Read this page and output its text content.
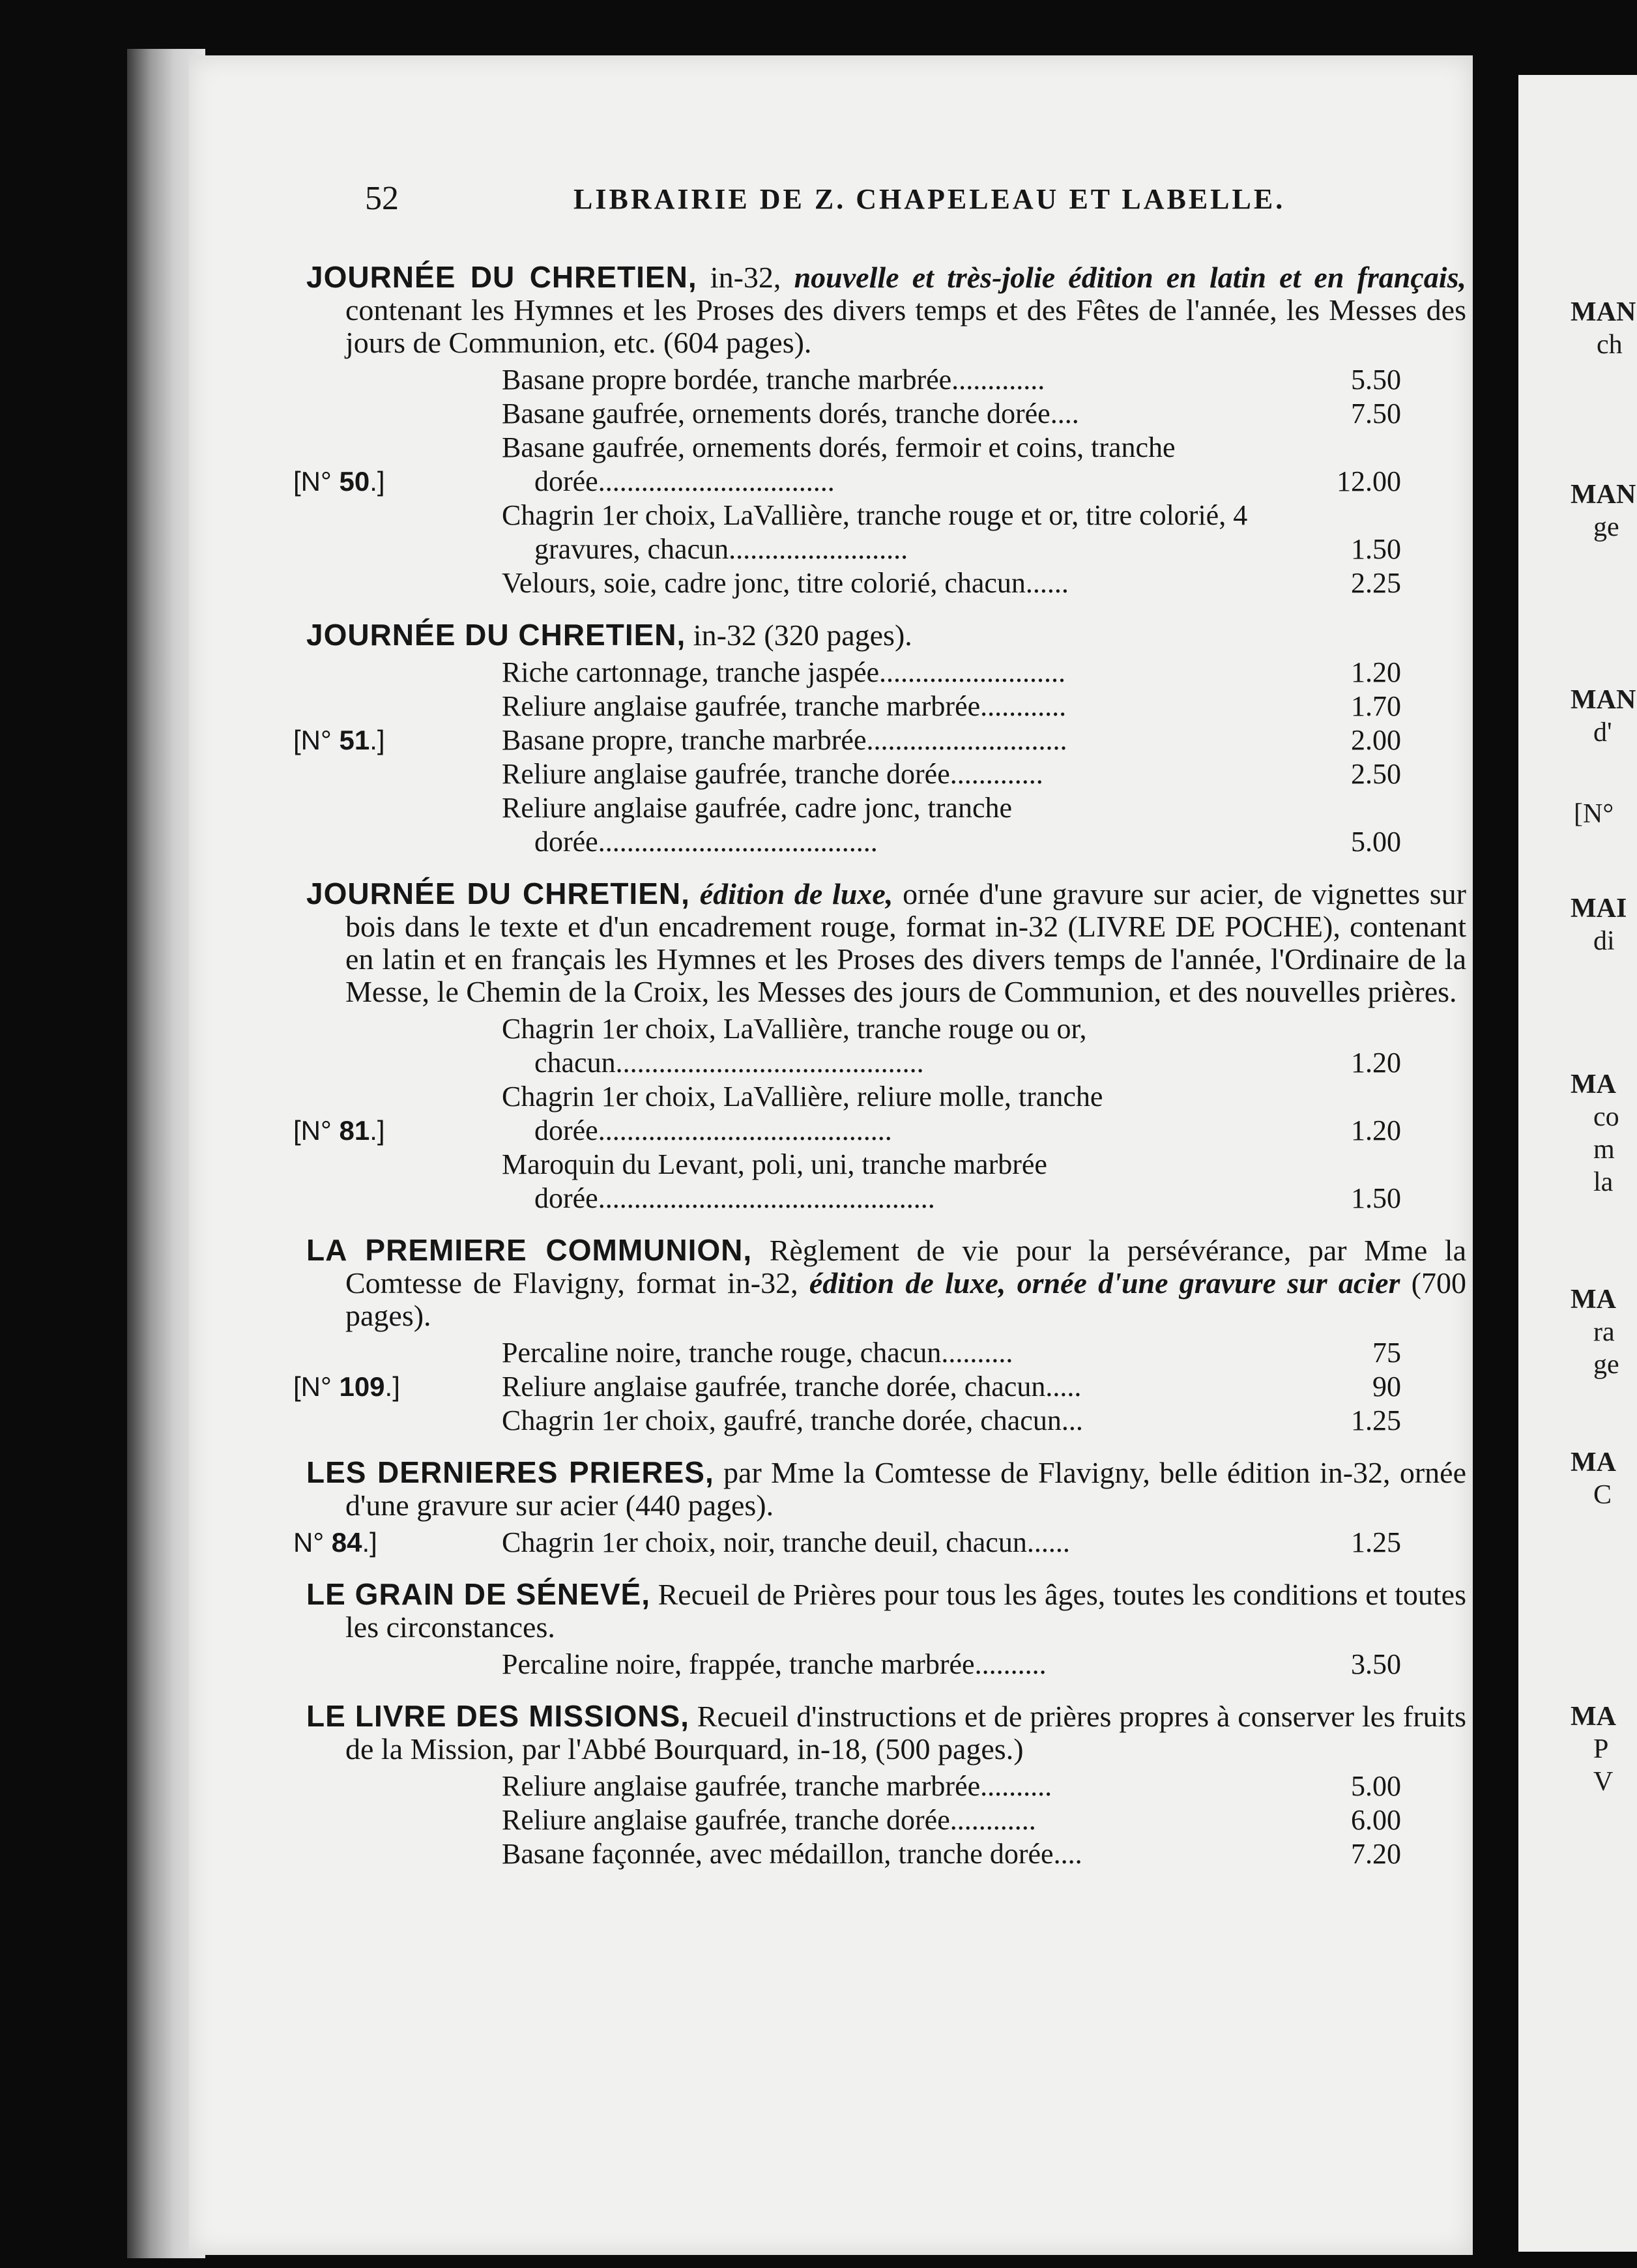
MAN
ch
MAN
ge
MAN
d'
[N°
MAI
di
MA
co
m
la
MA
ra
ge
MA
C
MA
P
V
52	LIBRAIRIE DE Z. CHAPELEAU ET LABELLE.
JOURNÉE DU CHRETIEN, in-32, nouvelle et très-jolie édition en latin et en français, contenant les Hymnes et les Proses des divers temps et des Fêtes de l'année, les Messes des jours de Communion, etc. (604 pages).
Basane propre bordée, tranche marbrée.............	5.50
Basane gaufrée, ornements dorés, tranche dorée....	7.50
[N° 50.]
Basane gaufrée, ornements dorés, fermoir et coins, tranche dorée.................................	12.00
Chagrin 1er choix, LaVallière, tranche rouge et or, titre colorié, 4 gravures, chacun.........................	1.50
Velours, soie, cadre jonc, titre colorié, chacun......	2.25
JOURNÉE DU CHRETIEN, in-32 (320 pages).
Riche cartonnage, tranche jaspée..........................	1.20
Reliure anglaise gaufrée, tranche marbrée............	1.70
[N° 51.]	Basane propre, tranche marbrée............................	2.00
Reliure anglaise gaufrée, tranche dorée.............	2.50
Reliure anglaise gaufrée, cadre jonc, tranche dorée.......................................	5.00
JOURNÉE DU CHRETIEN, édition de luxe, ornée d'une gravure sur acier, de vignettes sur bois dans le texte et d'un encadrement rouge, format in-32 (LIVRE DE POCHE), contenant en latin et en français les Hymnes et les Proses des divers temps de l'année, l'Ordinaire de la Messe, le Chemin de la Croix, les Messes des jours de Communion, et des nouvelles prières.
Chagrin 1er choix, LaVallière, tranche rouge ou or, chacun...........................................	1.20
[N° 81.]
Chagrin 1er choix, LaVallière, reliure molle, tranche dorée.........................................	1.20
Maroquin du Levant, poli, uni, tranche marbrée dorée...............................................	1.50
LA PREMIERE COMMUNION, Règlement de vie pour la persévérance, par Mme la Comtesse de Flavigny, format in-32, édition de luxe, ornée d'une gravure sur acier (700 pages).
Percaline noire, tranche rouge, chacun..........	75
[N° 109.]	Reliure anglaise gaufrée, tranche dorée, chacun.....	90
Chagrin 1er choix, gaufré, tranche dorée, chacun...	1.25
LES DERNIERES PRIERES, par Mme la Comtesse de Flavigny, belle édition in-32, ornée d'une gravure sur acier (440 pages).
N° 84.]	Chagrin 1er choix, noir, tranche deuil, chacun......	1.25
LE GRAIN DE SÉNEVÉ, Recueil de Prières pour tous les âges, toutes les conditions et toutes les circonstances.
Percaline noire, frappée, tranche marbrée..........	3.50
LE LIVRE DES MISSIONS, Recueil d'instructions et de prières propres à conserver les fruits de la Mission, par l'Abbé Bourquard, in-18, (500 pages.)
Reliure anglaise gaufrée, tranche marbrée..........	5.00
Reliure anglaise gaufrée, tranche dorée............	6.00
Basane façonnée, avec médaillon, tranche dorée....	7.20
